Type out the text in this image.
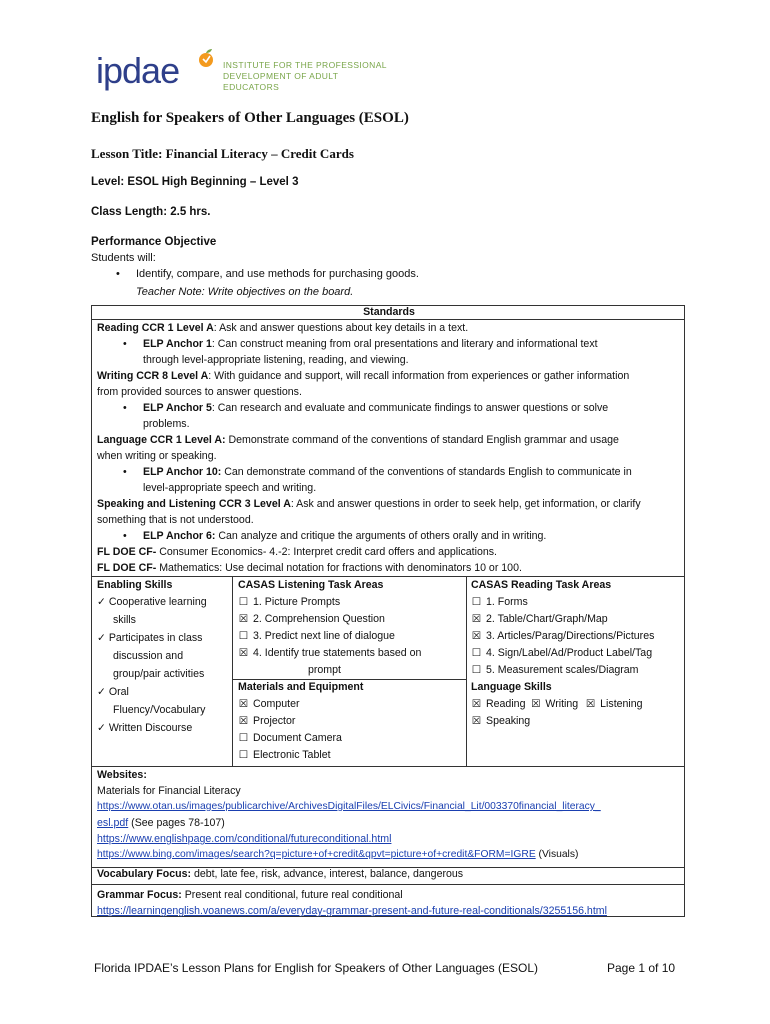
ipdae	INSTITUTE FOR THE PROFESSIONAL
DEVELOPMENT OF ADULT EDUCATORS
English for Speakers of Other Languages (ESOL)
Lesson Title: Financial Literacy – Credit Cards
Level: ESOL High Beginning – Level 3
Class Length: 2.5 hrs.
Performance Objective
Students will:
• Identify, compare, and use methods for purchasing goods.
Teacher Note: Write objectives on the board.
Standards
Reading CCR 1 Level A: Ask and answer questions about key details in a text.
• ELP Anchor 1: Can construct meaning from oral presentations and literary and informational text
through level-appropriate listening, reading, and viewing.
Writing CCR 8 Level A: With guidance and support, will recall information from experiences or gather information
from provided sources to answer questions.
• ELP Anchor 5: Can research and evaluate and communicate findings to answer questions or solve
problems.
Language CCR 1 Level A: Demonstrate command of the conventions of standard English grammar and usage
when writing or speaking.
• ELP Anchor 10: Can demonstrate command of the conventions of standards English to communicate in
level-appropriate speech and writing.
Speaking and Listening CCR 3 Level A: Ask and answer questions in order to seek help, get information, or clarify
something that is not understood.
• ELP Anchor 6: Can analyze and critique the arguments of others orally and in writing.
FL DOE CF- Consumer Economics- 4.-2: Interpret credit card offers and applications.
FL DOE CF- Mathematics: Use decimal notation for fractions with denominators 10 or 100.
Enabling Skills
✓ Cooperative learning
skills
✓ Participates in class
discussion and
group/pair activities
✓ Oral
Fluency/Vocabulary
✓ Written Discourse
CASAS Listening Task Areas
☐ 1. Picture Prompts
☒ 2. Comprehension Question
☐ 3. Predict next line of dialogue
☒ 4. Identify true statements based on
prompt
Materials and Equipment
☒ Computer
☒ Projector
☐ Document Camera
☐ Electronic Tablet
CASAS Reading Task Areas
☐ 1. Forms
☒ 2. Table/Chart/Graph/Map
☒ 3. Articles/Parag/Directions/Pictures
☐ 4. Sign/Label/Ad/Product Label/Tag
☐ 5. Measurement scales/Diagram
Language Skills
☒ Reading ☒ Writing ☒ Listening
☒ Speaking
Websites:
Materials for Financial Literacy
https://www.otan.us/images/publicarchive/ArchivesDigitalFiles/ELCivics/Financial_Lit/003370financial_literacy_
esl.pdf (See pages 78-107)
https://www.englishpage.com/conditional/futureconditional.html
https://www.bing.com/images/search?q=picture+of+credit&qpvt=picture+of+credit&FORM=IGRE (Visuals)
Vocabulary Focus: debt, late fee, risk, advance, interest, balance, dangerous
Grammar Focus: Present real conditional, future real conditional
https://learningenglish.voanews.com/a/everyday-grammar-present-and-future-real-conditionals/3255156.html
Florida IPDAE’s Lesson Plans for English for Speakers of Other Languages (ESOL)	Page 1 of 10
